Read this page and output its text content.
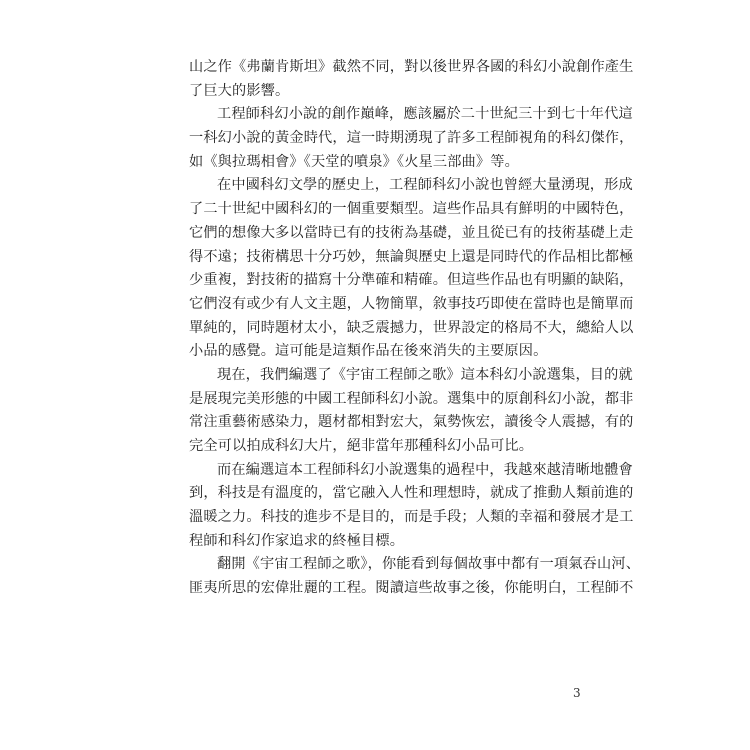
山之作《弗蘭肯斯坦》截然不同，對以後世界各國的科幻小說創作產生
了巨大的影響。
工程師科幻小說的創作巔峰，應該屬於二十世紀三十到七十年代這
一科幻小說的黃金時代，這一時期湧現了許多工程師視角的科幻傑作，
如《與拉瑪相會》《天堂的噴泉》《火星三部曲》等。
在中國科幻文學的歷史上，工程師科幻小說也曾經大量湧現，形成
了二十世紀中國科幻的一個重要類型。這些作品具有鮮明的中國特色，
它們的想像大多以當時已有的技術為基礎，並且從已有的技術基礎上走
得不遠；技術構思十分巧妙，無論與歷史上還是同時代的作品相比都極
少重複，對技術的描寫十分準確和精確。但這些作品也有明顯的缺陷，
它們沒有或少有人文主題，人物簡單，敘事技巧即使在當時也是簡單而
單純的，同時題材太小，缺乏震撼力，世界設定的格局不大，總給人以
小品的感覺。這可能是這類作品在後來消失的主要原因。
現在，我們編選了《宇宙工程師之歌》這本科幻小說選集，目的就
是展現完美形態的中國工程師科幻小說。選集中的原創科幻小說，都非
常注重藝術感染力，題材都相對宏大，氣勢恢宏，讀後令人震撼，有的
完全可以拍成科幻大片，絕非當年那種科幻小品可比。
而在編選這本工程師科幻小說選集的過程中，我越來越清晰地體會
到，科技是有溫度的，當它融入人性和理想時，就成了推動人類前進的
溫暖之力。科技的進步不是目的，而是手段；人類的幸福和發展才是工
程師和科幻作家追求的終極目標。
翻開《宇宙工程師之歌》，你能看到每個故事中都有一項氣吞山河、
匪夷所思的宏偉壯麗的工程。閱讀這些故事之後，你能明白，工程師不
3
